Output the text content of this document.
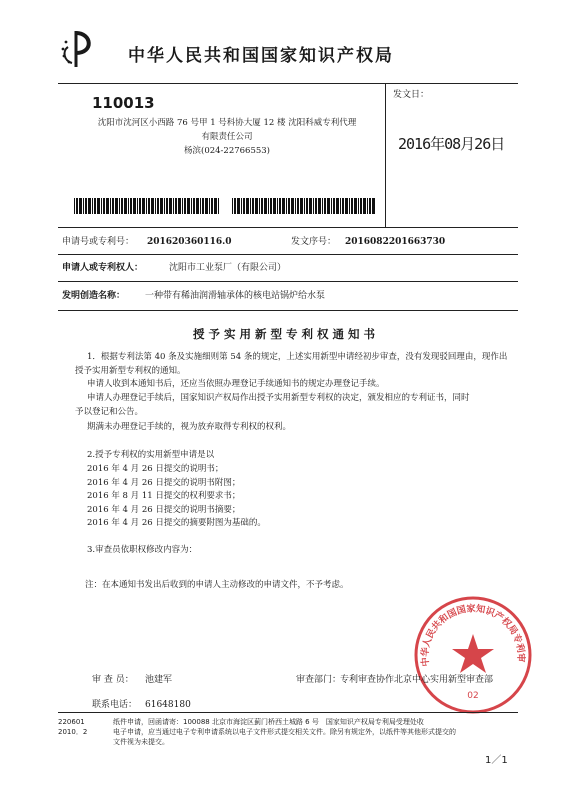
中华人民共和国国家知识产权局
110013
沈阳市沈河区小西路 76 号甲 1 号科协大厦 12 楼 沈阳科威专利代理
有限责任公司
杨滨(024-22766553)
发文日：
2016年08月26日
申请号或专利号： 201620360116.0	发文序号： 2016082201663730
申请人或专利权人：	沈阳市工业泵厂（有限公司）
发明创造名称： 一种带有稀油润滑轴承体的核电站锅炉给水泵
授予实用新型专利权通知书
1．根据专利法第 40 条及实施细则第 54 条的规定，上述实用新型申请经初步审查，没有发现驳回理由，现作出
授予实用新型专利权的通知。
申请人收到本通知书后，还应当依照办理登记手续通知书的规定办理登记手续。
申请人办理登记手续后，国家知识产权局作出授予实用新型专利权的决定，颁发相应的专利证书，同时
予以登记和公告。
期满未办理登记手续的，视为放弃取得专利权的权利。
2.授予专利权的实用新型申请是以
2016 年 4 月 26 日提交的说明书；
2016 年 4 月 26 日提交的说明书附图；
2016 年 8 月 11 日提交的权利要求书；
2016 年 4 月 26 日提交的说明书摘要；
2016 年 4 月 26 日提交的摘要附图为基础的。
3.审查员依职权修改内容为：
注：在本通知书发出后收到的申请人主动修改的申请文件，不予考虑。
中华人民共和国国家知识产权局专利审
02
审 查 员： 池建军	审查部门：
专利审查协作北京中心实用新型审查部
联系电话： 61648180
220601
2010．2
纸件申请，回函请寄：100088 北京市海淀区蓟门桥西土城路 6 号　国家知识产权局专利局受理处收
电子申请，应当通过电子专利申请系统以电子文件形式提交相关文件。除另有规定外，以纸件等其他形式提交的
文件视为未提交。
1／1
